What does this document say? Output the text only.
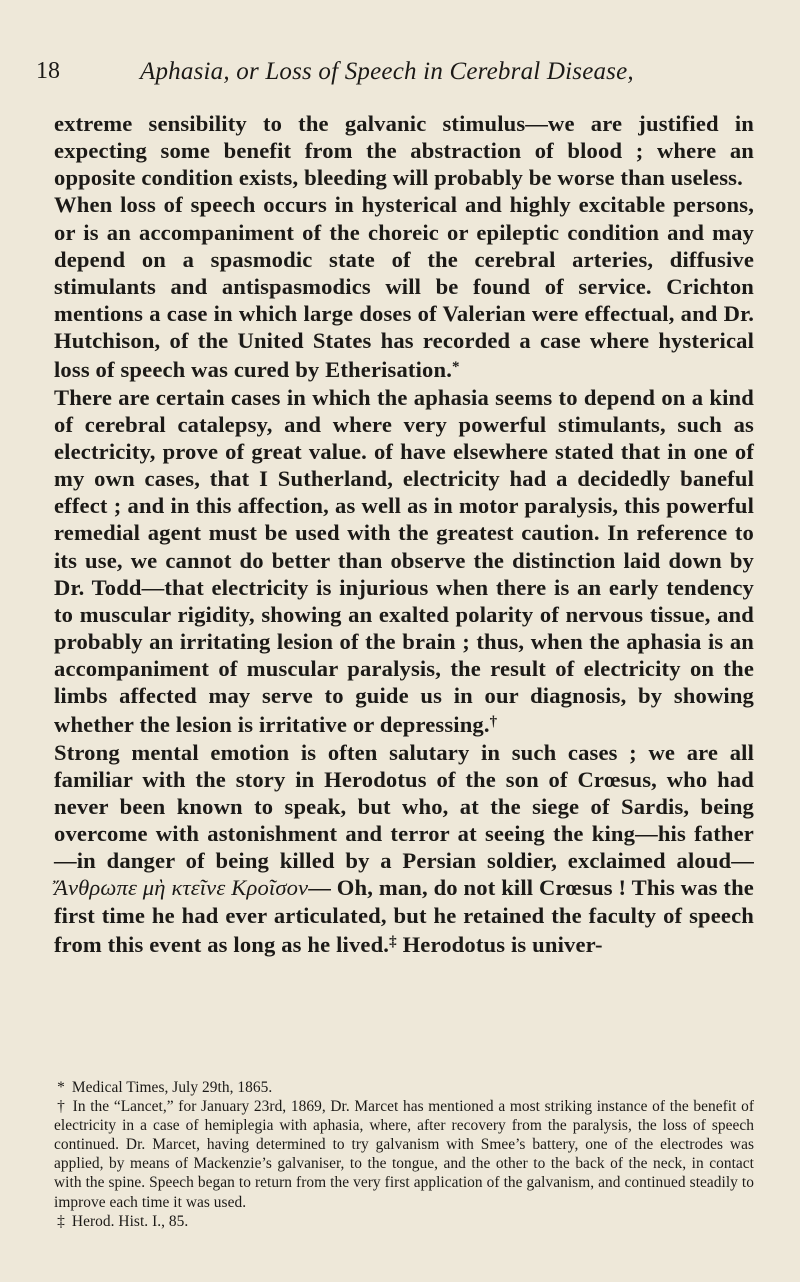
18	Aphasia, or Loss of Speech in Cerebral Disease,

extreme sensibility to the galvanic stimulus—we are justified in expecting some benefit from the abstraction of blood ; where an opposite condition exists, bleeding will probably be worse than useless.

When loss of speech occurs in hysterical and highly excitable persons, or is an accompaniment of the choreic or epileptic condition and may depend on a spasmodic state of the cerebral arteries, diffusive stimulants and antispasmodics will be found of service. Crichton mentions a case in which large doses of Valerian were effectual, and Dr. Hutchison, of the United States has recorded a case where hysterical loss of speech was cured by Etherisation.*

There are certain cases in which the aphasia seems to depend on a kind of cerebral catalepsy, and where very powerful stimulants, such as electricity, prove of great value. of have elsewhere stated that in one of my own cases, that I Sutherland, electricity had a decidedly baneful effect ; and in this affection, as well as in motor paralysis, this powerful remedial agent must be used with the greatest caution. In reference to its use, we cannot do better than observe the distinction laid down by Dr. Todd—that electricity is injurious when there is an early tendency to muscular rigidity, showing an exalted polarity of nervous tissue, and probably an irritating lesion of the brain ; thus, when the aphasia is an accompaniment of muscular paralysis, the result of electricity on the limbs affected may serve to guide us in our diagnosis, by showing whether the lesion is irritative or depressing.†

Strong mental emotion is often salutary in such cases ; we are all familiar with the story in Herodotus of the son of Crœsus, who had never been known to speak, but who, at the siege of Sardis, being overcome with astonishment and terror at seeing the king—his father—in danger of being killed by a Persian soldier, exclaimed aloud—Ἄνθρωπε μὴ κτεῖνε Κροῖσον— Oh, man, do not kill Crœsus ! This was the first time he had ever articulated, but he retained the faculty of speech from this event as long as he lived.‡ Herodotus is univer-

* Medical Times, July 29th, 1865.

† In the “Lancet,” for January 23rd, 1869, Dr. Marcet has mentioned a most striking instance of the benefit of electricity in a case of hemiplegia with aphasia, where, after recovery from the paralysis, the loss of speech continued. Dr. Marcet, having determined to try galvanism with Smee’s battery, one of the electrodes was applied, by means of Mackenzie’s galvaniser, to the tongue, and the other to the back of the neck, in contact with the spine. Speech began to return from the very first application of the galvanism, and continued steadily to improve each time it was used.

‡ Herod. Hist. I., 85.
